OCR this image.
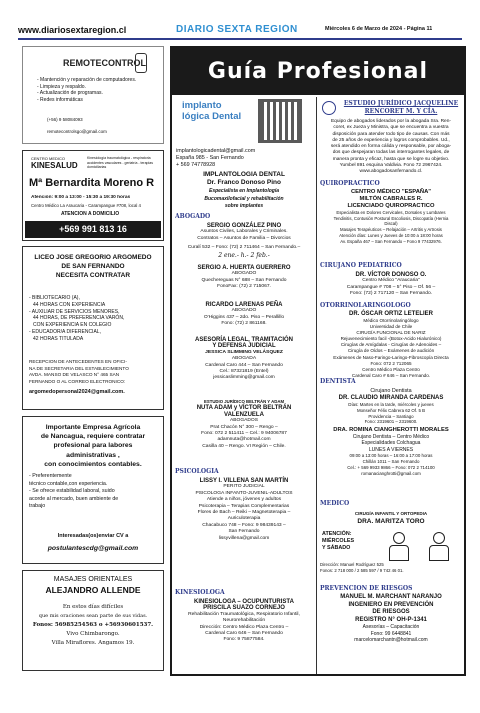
www.diariosextaregion.cl	DIARIO SEXTA REGIÓN	Miércoles 6 de Marzo de 2024 - Página 11
REMOTECONTROL
- Mantención y reparación de computadores.
- Limpieza y respaldo.
- Actualización de programas.
- Redes informáticas
(+56) 9 58084093
remotecontrolsgo@gmail.com
CENTRO MEDICO
KINESALUD
Kinesiología traumatológica - respiratoria accidentes vasculares - geriatría - terapias domiciliarias
Mª Bernardita Moreno R
Atención: 9:00 a 13:00 - 15:30 a 19:30 horas
Centro Médico La Araucaria - Carampangue #708, local 4
ATENCIÓN A DOMICILIO
+569 991 813 16
LICEO JOSE GREGORIO ARGOMEDO
DE SAN FERNANDO
NECESITA CONTRATAR
- BIBLIOTECARIO (A),
44 HORAS CON EXPERIENCIA
- AUXILIAR DE SERVICIOS MENORES,
44 HORAS, DE PREFERENCIA VARÓN,
CON EXPERIENCIA EN COLEGIO
- EDUCADOR/A DIFERENCIAL,
42 HORAS TITULADA
RECEPCION DE ANTECEDENTES EN OFICI-
NA DE SECRETARIA DEL ESTABLECIMIENTO
AVDA. MANSO DE VELASCO N° 465 SAN
FERNANDO O AL CORREO ELECTRONICO:
argomedopersonal2024@gmail.com.
Importante Empresa Agrícola
de Nancagua, requiere contratar
profesional para labores
administrativas ,
con conocimientos contables.
- Preferentemente
técnico contable,con experiencia.
- Se ofrece estabilidad laboral, suido
acorde al mercado, buen ambiente de
trabajo
Interesadas(os)enviar CV a
postulantescdg@gmail.com
MASAJES ORIENTALES
ALEJANDRO ALLENDE
En estos días difíciles
que mis oraciones sean parte de sus vidas.
Fonos: 56985254563 o +56930601537.
Vivo Chimbarongo.
Villa Miraflores. Angamos 19.
Guía Profesional
implanto lógica Dental
implantologicadental@gmail.com
España 985 - San Fernando
+ 569 74778928
IMPLANTOLOGIA DENTAL
Dr. Franco Donoso Pino
Especialista en Implantología
Bucomaxilofacial y rehabilitación
sobre implantes
ABOGADO
SERGIO GONZÁLEZ PINO
Asuntos Civiles, Laborales y Criminales.
Contratos – Asuntos de Familia – Divorcios
Curalí 532 – Fono: (72) 2 711464 – San Fernando.–
2 ene.- h.- 2 feb.-
SERGIO A. HUERTA GUERRERO
ABOGADO
Quechereguas N° 688 – San Fernando
FonoFax: (72) 2 715067.
RICARDO LARENAS PEÑA
ABOGADO
O'Higgins 437 – 2do. Piso – Perallillo
Fono: (72) 2 861168.
ASESORÍA LEGAL, TRAMITACIÓN
Y DEFENSA JUDICIAL
JESSICA SLIMMING VELÁSQUEZ
ABOGADA
Cardenal Caro 444 – San Fernando
Cel.: 87321819 (Entel)
jessicaslimming@gmail.com
ESTUDIO JURÍDICO BELTRÁN Y ADAM
NUTA ADAM y VÍCTOR BELTRÁN
VALENZUELA
ABOGADOS
Prat Chacón N° 300 – Rengo –
Fono: 072 2 511411 – Cel.: 9 94006787
adamnuta@hotmail.com
Casilla 40 – Rengo. VI Región – Chile.
PSICOLOGÍA
LISSY I. VILLENA SAN MARTÍN
PERITO JUDICIAL
PSICOLOGA INFANTO-JUVENIL-ADULTOS
Atiende a niños, jóvenes y adultos
Psicoterapia – Terapias Complementarias
Flores de Bach – Reiki – Magnetoterapia –
Auriculoterapia
Chacabuco 748 – Fono: 9 98439143 –
San Fernando
lissyvillena@gmail.com
KINESIOLOGA
KINESIOLOGA – OCUPUNTURISTA
PRISCILA SUAZO CORNEJO
Rehabilitación Traumatológica, Respiratorio Infantil,
Neurorehabilitación
Dirección: Centro Médico Plaza Centro –
Cardenal Caro 646 – San Fernando
Fono: 9 75877584.
ESTUDIO JURÍDICO JACQUELINE
RENCORET M. Y CÍA.
Equipo de abogados liderados por la abogada Sra. Ren-
coret, ex Jueza y Ministra, que se encuentra a vuestra
disposición para atender todo tipo de causas. Con más
de 25 años de experiencia y logros comprobables. Ud.,
será atendido en forma cálida y responsable, por aboga-
dos que despejaran todas las interrogantes legales, de
manera pronta y eficaz, hasta que se logre su objetivo.
Yumbel 891 esquina Valdivia. Fono 72 2967424.
www.abogadosanfernando.cl.
QUIROPRÁCTICO
CENTRO MÉDICO "ESPAÑA"
MILTÓN CABRALES R.
LICENCIADO QUIROPRACTICO
Especialista en Dolores Cervicales, Dorsales y Lumbares
Tendinitis, Contusión Postural Escoliosis, Discopatía (Hernia
Discal)
Masajes Terapéuticos – Relajación – Artritis y Artrosis
Atención días: Lunes y Jueves de 10:00 a 18:00 horas
Av. España 467 – San Fernando – Fono 9 77432976.
CIRUJANO PEDIÁTRICO
DR. VÍCTOR DONOSO O.
Centro Médico "Araucaria"
Carampangue # 708 – 5° Piso – Of. 56 –
Fono: (72) 2 717120 – San Fernando.
OTORRINOLARINGÓLOGO
DR. ÓSCAR ORTIZ LETELIER
Médico Otorrinolaringólogo
Universidad de Chile
CIRUGÍA FUNCIONAL DE NARIZ
Rejuvenecimiento facil -(Botox-Acido Hialurónico)
Cirugías de Amígdalas - Cirugías de Adenoides –
Cirugía de Oídos – Exámenes de audición
Exámenes de Naso-Faringo-Laringo-Fibroscopía Directa
Fono: 072 2 712065
Centro Médico Plaza Centro
Cardenal Caro # 646 – San Fernando.
DENTISTA
Cirujano Dentista
DR. CLAUDIO MIRANDA CARDENAS
Días: Martes en la tarde, miércoles y jueves
Monseñor Félix Cabrera 62 Of. 5 B
Providencia – Santiago
Fono: 2319601 – 2319600.
DRA. ROMINA CIANGHEROTTI MORALES
Cirujano Dentista – Centro Médico
Especialidades Colchagua
LUNES A VIERNES
09:00 a 13:00 horas – 16:00 a 17:00 horas
Chillán 1011 – San Fernando
Cel.: + 569 9933 9866 – Fono: 072 2 714100
romanacianghrotti@gmail.com
MÉDICO
CIRUGÍA INFANTIL Y ORTOPEDIA
DRA. MARITZA TORO
ATENCIÓN:
MIÉRCOLES
Y SÁBADO
Dirección: Manuel Rodríguez 525
Fonos: 2 718 000 / 2 585 597 / 9 742 46 01.
PREVENCIÓN DE RIESGOS
MANUEL M. MARCHANT NARANJO
INGENIERO EN PREVENCIÓN
DE RIESGOS
REGISTRO N° OH-P-1341
Asesorías – Capacitación
Fono: 99 6448841
marcelomarchantn@hotmail.com
